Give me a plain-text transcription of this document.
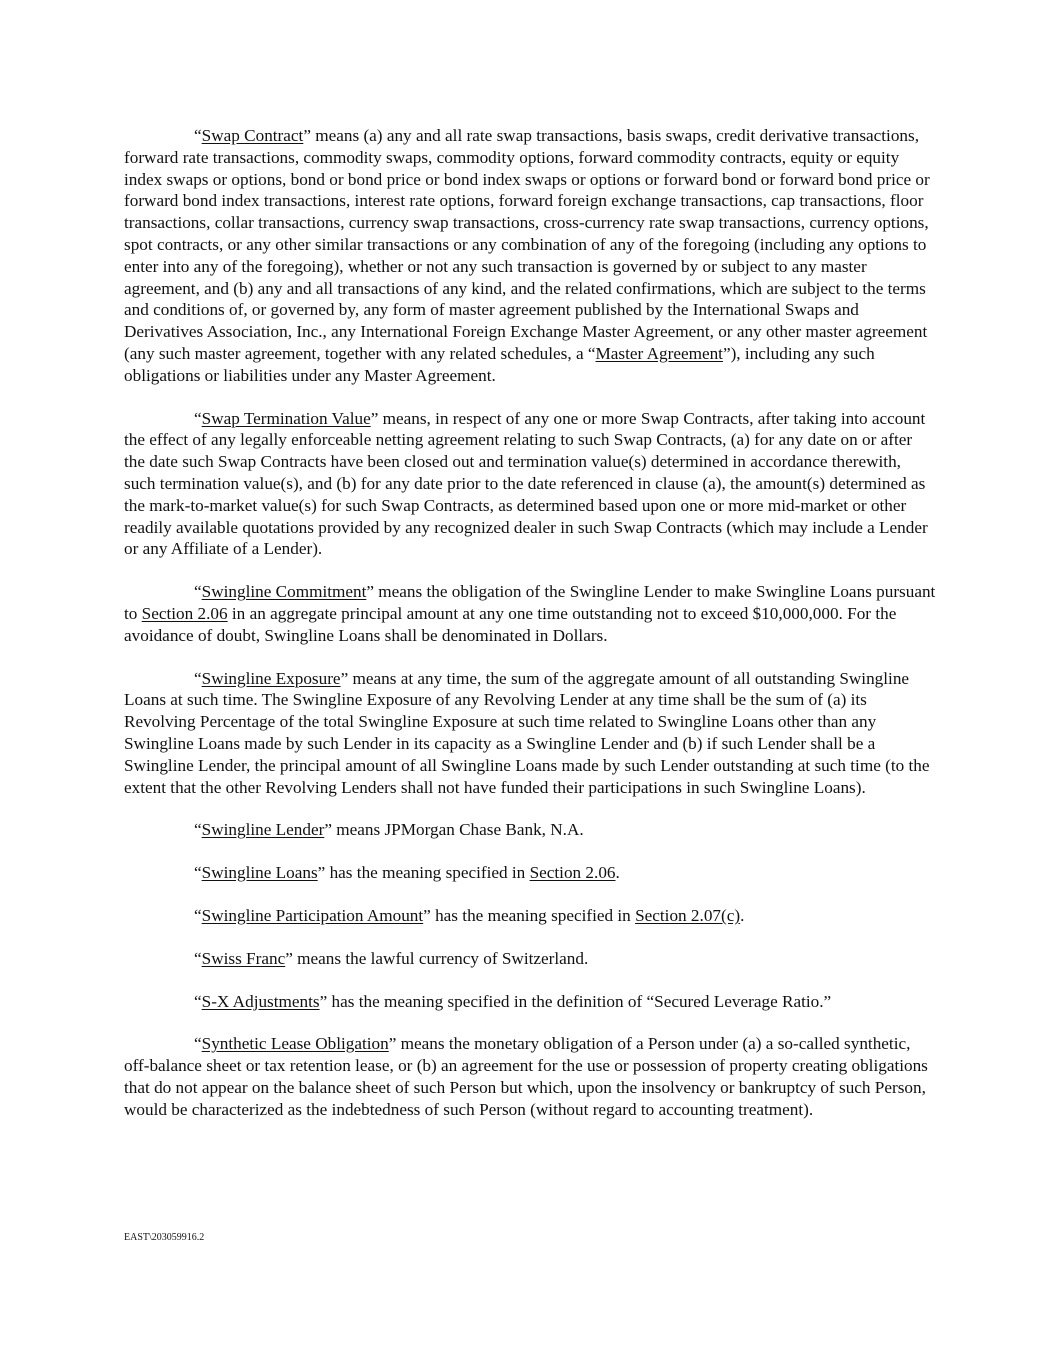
“Swap Contract” means (a) any and all rate swap transactions, basis swaps, credit derivative transactions, forward rate transactions, commodity swaps, commodity options, forward commodity contracts, equity or equity index swaps or options, bond or bond price or bond index swaps or options or forward bond or forward bond price or forward bond index transactions, interest rate options, forward foreign exchange transactions, cap transactions, floor transactions, collar transactions, currency swap transactions, cross-currency rate swap transactions, currency options, spot contracts, or any other similar transactions or any combination of any of the foregoing (including any options to enter into any of the foregoing), whether or not any such transaction is governed by or subject to any master agreement, and (b) any and all transactions of any kind, and the related confirmations, which are subject to the terms and conditions of, or governed by, any form of master agreement published by the International Swaps and Derivatives Association, Inc., any International Foreign Exchange Master Agreement, or any other master agreement (any such master agreement, together with any related schedules, a “Master Agreement”), including any such obligations or liabilities under any Master Agreement.

“Swap Termination Value” means, in respect of any one or more Swap Contracts, after taking into account the effect of any legally enforceable netting agreement relating to such Swap Contracts, (a) for any date on or after the date such Swap Contracts have been closed out and termination value(s) determined in accordance therewith, such termination value(s), and (b) for any date prior to the date referenced in clause (a), the amount(s) determined as the mark-to-market value(s) for such Swap Contracts, as determined based upon one or more mid-market or other readily available quotations provided by any recognized dealer in such Swap Contracts (which may include a Lender or any Affiliate of a Lender).

“Swingline Commitment” means the obligation of the Swingline Lender to make Swingline Loans pursuant to Section 2.06 in an aggregate principal amount at any one time outstanding not to exceed $10,000,000. For the avoidance of doubt, Swingline Loans shall be denominated in Dollars.

“Swingline Exposure” means at any time, the sum of the aggregate amount of all outstanding Swingline Loans at such time. The Swingline Exposure of any Revolving Lender at any time shall be the sum of (a) its Revolving Percentage of the total Swingline Exposure at such time related to Swingline Loans other than any Swingline Loans made by such Lender in its capacity as a Swingline Lender and (b) if such Lender shall be a Swingline Lender, the principal amount of all Swingline Loans made by such Lender outstanding at such time (to the extent that the other Revolving Lenders shall not have funded their participations in such Swingline Loans).

“Swingline Lender” means JPMorgan Chase Bank, N.A.

“Swingline Loans” has the meaning specified in Section 2.06.

“Swingline Participation Amount” has the meaning specified in Section 2.07(c).

“Swiss Franc” means the lawful currency of Switzerland.

“S-X Adjustments” has the meaning specified in the definition of “Secured Leverage Ratio.”

“Synthetic Lease Obligation” means the monetary obligation of a Person under (a) a so-called synthetic, off-balance sheet or tax retention lease, or (b) an agreement for the use or possession of property creating obligations that do not appear on the balance sheet of such Person but which, upon the insolvency or bankruptcy of such Person, would be characterized as the indebtedness of such Person (without regard to accounting treatment).

EAST\203059916.2
